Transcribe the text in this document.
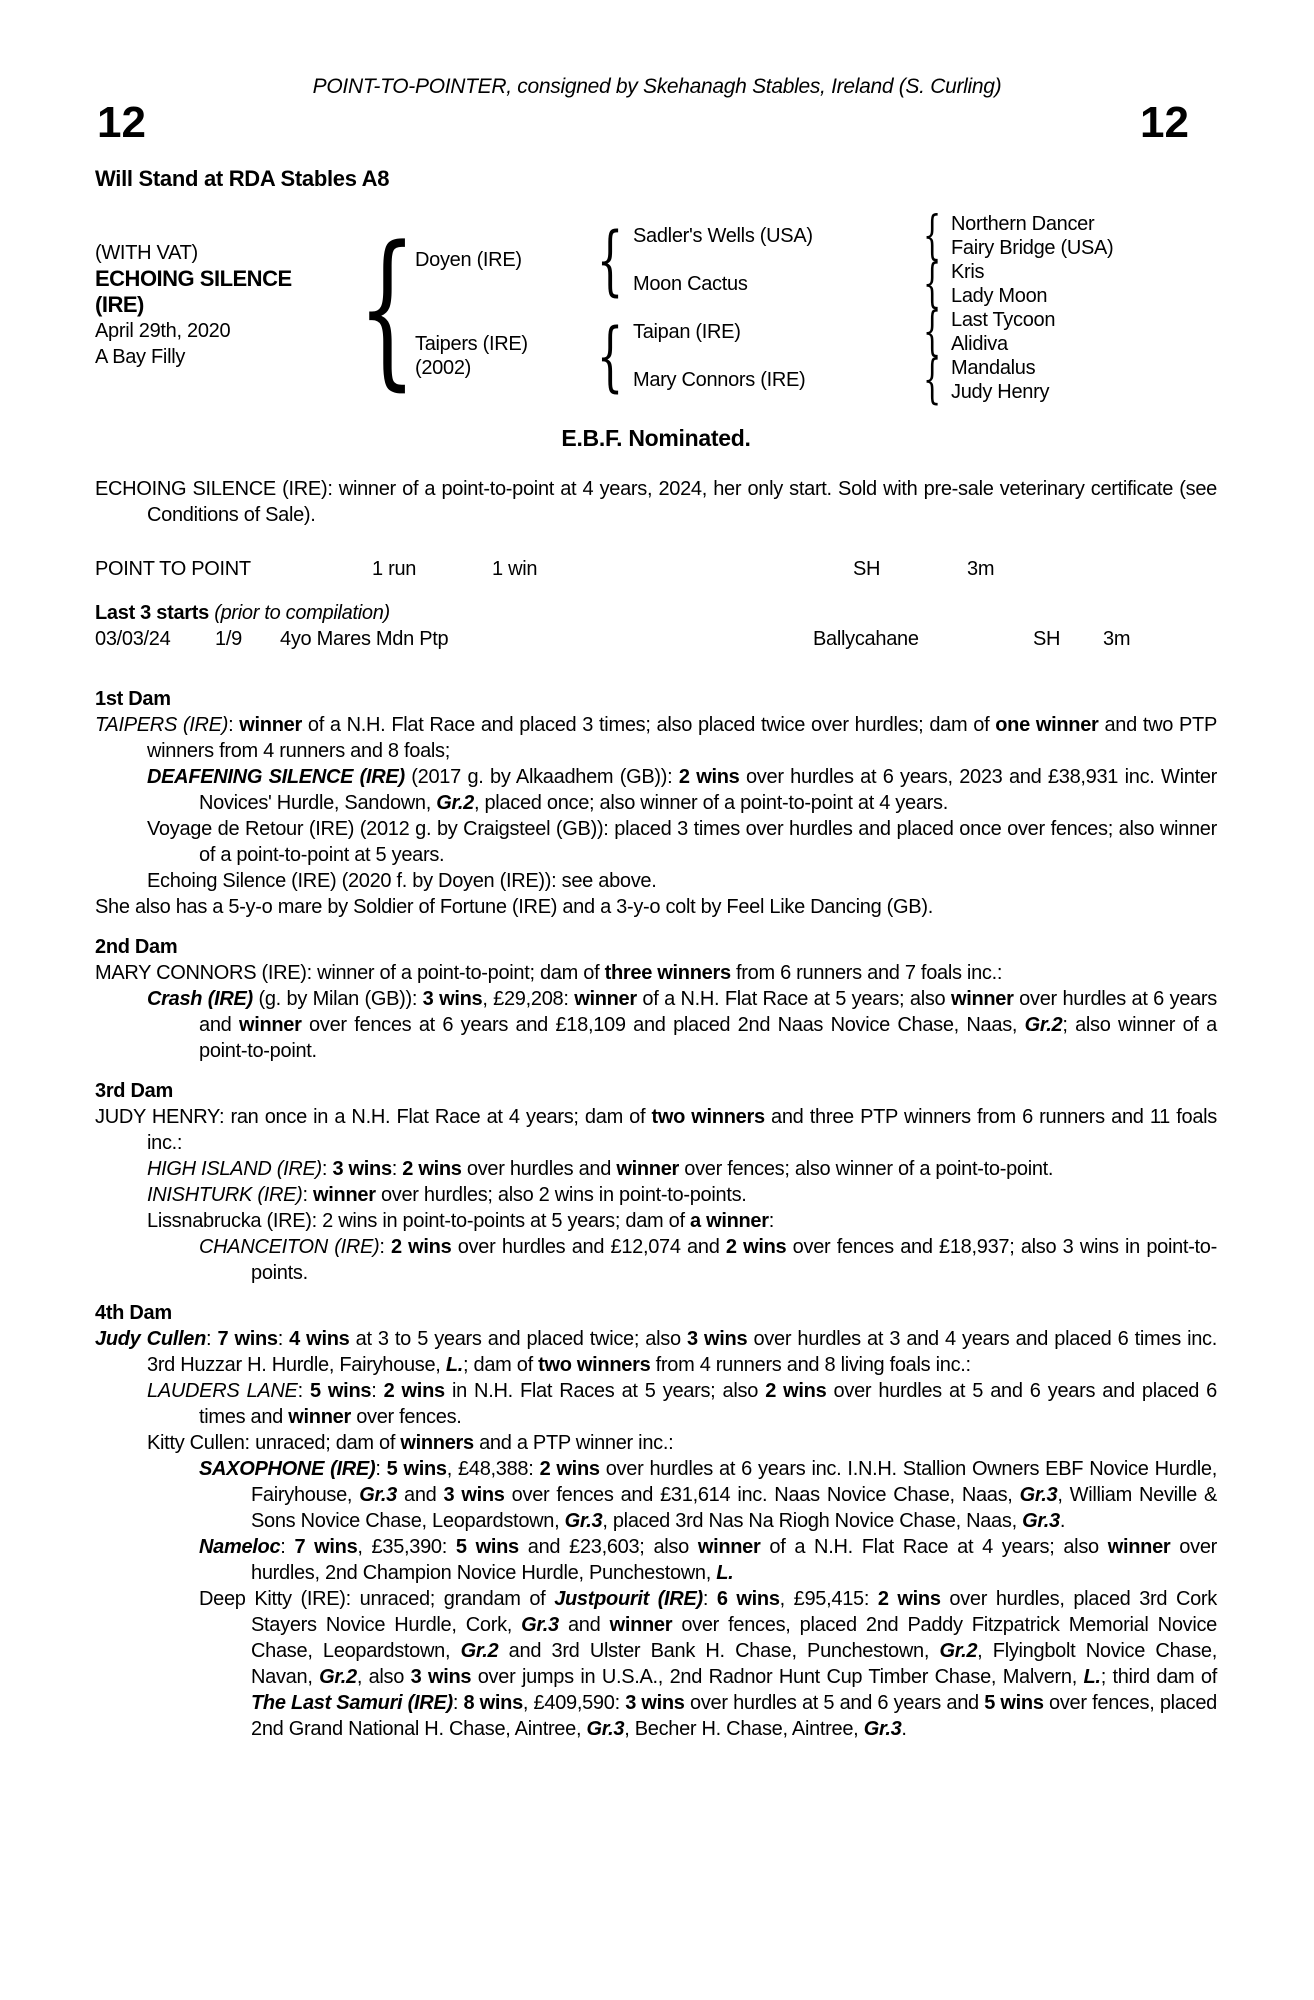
POINT-TO-POINTER, consigned by Skehanagh Stables, Ireland (S. Curling)
12	12
Will Stand at RDA Stables A8
(WITH VAT)
ECHOING SILENCE (IRE)
April 29th, 2020
A Bay Filly	{
Doyen (IRE)
Taipers (IRE)
(2002)
{
{
Sadler's Wells (USA)
Moon Cactus
Taipan (IRE)
Mary Connors (IRE)
{
{
{
{
Northern Dancer
Fairy Bridge (USA)
Kris
Lady Moon
Last Tycoon
Alidiva
Mandalus
Judy Henry
E.B.F. Nominated.
ECHOING SILENCE (IRE): winner of a point-to-point at 4 years, 2024, her only start. Sold with pre-sale veterinary certificate (see Conditions of Sale).
POINT TO POINT	1 run	1 win	SH	3m
Last 3 starts (prior to compilation)
03/03/24 1/9 4yo Mares Mdn Ptp	Ballycahane	SH 3m
1st Dam
TAIPERS (IRE): winner of a N.H. Flat Race and placed 3 times; also placed twice over hurdles; dam of one winner and two PTP winners from 4 runners and 8 foals;
DEAFENING SILENCE (IRE) (2017 g. by Alkaadhem (GB)): 2 wins over hurdles at 6 years, 2023 and £38,931 inc. Winter Novices' Hurdle, Sandown, Gr.2, placed once; also winner of a point-to-point at 4 years.
Voyage de Retour (IRE) (2012 g. by Craigsteel (GB)): placed 3 times over hurdles and placed once over fences; also winner of a point-to-point at 5 years.
Echoing Silence (IRE) (2020 f. by Doyen (IRE)): see above.
She also has a 5-y-o mare by Soldier of Fortune (IRE) and a 3-y-o colt by Feel Like Dancing (GB).
2nd Dam
MARY CONNORS (IRE): winner of a point-to-point; dam of three winners from 6 runners and 7 foals inc.:
Crash (IRE) (g. by Milan (GB)): 3 wins, £29,208: winner of a N.H. Flat Race at 5 years; also winner over hurdles at 6 years and winner over fences at 6 years and £18,109 and placed 2nd Naas Novice Chase, Naas, Gr.2; also winner of a point-to-point.
3rd Dam
JUDY HENRY: ran once in a N.H. Flat Race at 4 years; dam of two winners and three PTP winners from 6 runners and 11 foals inc.:
HIGH ISLAND (IRE): 3 wins: 2 wins over hurdles and winner over fences; also winner of a point-to-point.
INISHTURK (IRE): winner over hurdles; also 2 wins in point-to-points.
Lissnabrucka (IRE): 2 wins in point-to-points at 5 years; dam of a winner:
CHANCEITON (IRE): 2 wins over hurdles and £12,074 and 2 wins over fences and £18,937; also 3 wins in point-to-points.
4th Dam
Judy Cullen: 7 wins: 4 wins at 3 to 5 years and placed twice; also 3 wins over hurdles at 3 and 4 years and placed 6 times inc. 3rd Huzzar H. Hurdle, Fairyhouse, L.; dam of two winners from 4 runners and 8 living foals inc.:
LAUDERS LANE: 5 wins: 2 wins in N.H. Flat Races at 5 years; also 2 wins over hurdles at 5 and 6 years and placed 6 times and winner over fences.
Kitty Cullen: unraced; dam of winners and a PTP winner inc.:
SAXOPHONE (IRE): 5 wins, £48,388: 2 wins over hurdles at 6 years inc. I.N.H. Stallion Owners EBF Novice Hurdle, Fairyhouse, Gr.3 and 3 wins over fences and £31,614 inc. Naas Novice Chase, Naas, Gr.3, William Neville & Sons Novice Chase, Leopardstown, Gr.3, placed 3rd Nas Na Riogh Novice Chase, Naas, Gr.3.
Nameloc: 7 wins, £35,390: 5 wins and £23,603; also winner of a N.H. Flat Race at 4 years; also winner over hurdles, 2nd Champion Novice Hurdle, Punchestown, L.
Deep Kitty (IRE): unraced; grandam of Justpourit (IRE): 6 wins, £95,415: 2 wins over hurdles, placed 3rd Cork Stayers Novice Hurdle, Cork, Gr.3 and winner over fences, placed 2nd Paddy Fitzpatrick Memorial Novice Chase, Leopardstown, Gr.2 and 3rd Ulster Bank H. Chase, Punchestown, Gr.2, Flyingbolt Novice Chase, Navan, Gr.2, also 3 wins over jumps in U.S.A., 2nd Radnor Hunt Cup Timber Chase, Malvern, L.; third dam of The Last Samuri (IRE): 8 wins, £409,590: 3 wins over hurdles at 5 and 6 years and 5 wins over fences, placed 2nd Grand National H. Chase, Aintree, Gr.3, Becher H. Chase, Aintree, Gr.3.
